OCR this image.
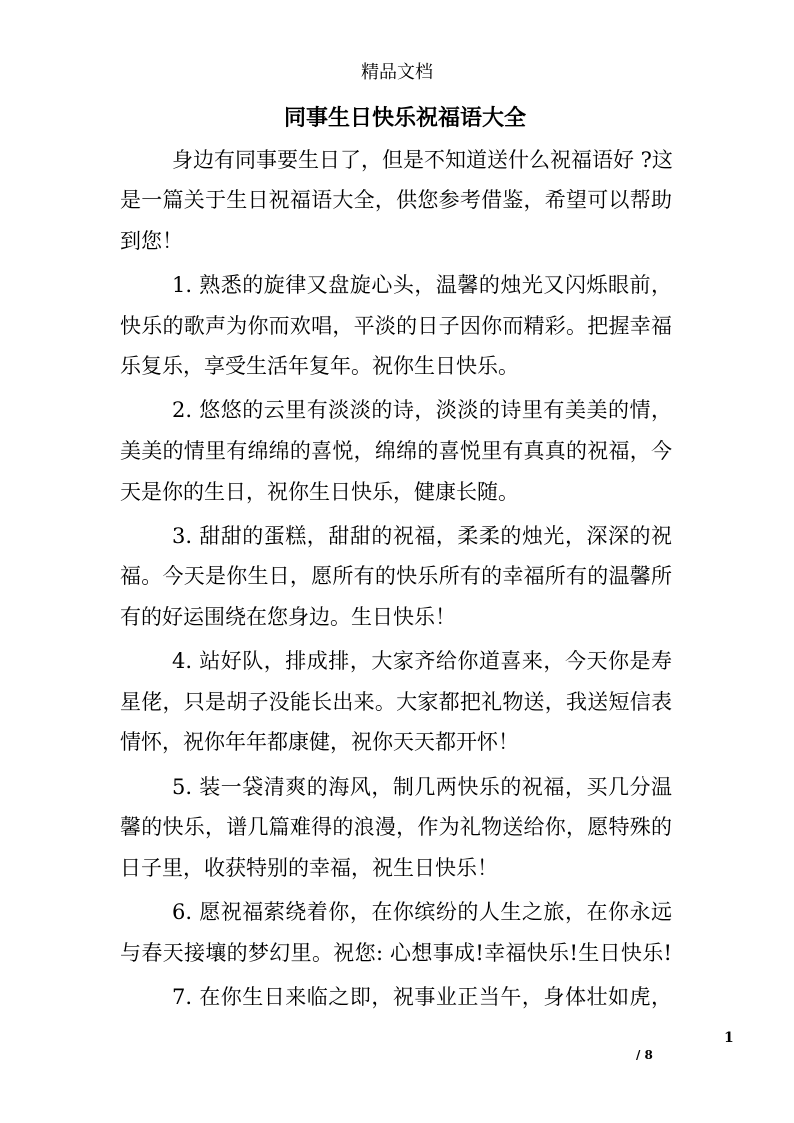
精品文档
同事生日快乐祝福语大全
身边有同事要生日了，但是不知道送什么祝福语好 ?这
是一篇关于生日祝福语大全，供您参考借鉴，希望可以帮助
到您！
1. 熟悉的旋律又盘旋心头，温馨的烛光又闪烁眼前，
快乐的歌声为你而欢唱，平淡的日子因你而精彩。把握幸福
乐复乐，享受生活年复年。祝你生日快乐。
2. 悠悠的云里有淡淡的诗，淡淡的诗里有美美的情，
美美的情里有绵绵的喜悦，绵绵的喜悦里有真真的祝福，今
天是你的生日，祝你生日快乐，健康长随。
3. 甜甜的蛋糕，甜甜的祝福，柔柔的烛光，深深的祝
福。今天是你生日，愿所有的快乐所有的幸福所有的温馨所
有的好运围绕在您身边。生日快乐！
4. 站好队，排成排，大家齐给你道喜来，今天你是寿
星佬，只是胡子没能长出来。大家都把礼物送，我送短信表
情怀，祝你年年都康健，祝你天天都开怀！
5. 装一袋清爽的海风，制几两快乐的祝福，买几分温
馨的快乐，谱几篇难得的浪漫，作为礼物送给你，愿特殊的
日子里，收获特别的幸福，祝生日快乐！
6. 愿祝福萦绕着你，在你缤纷的人生之旅，在你永远
与春天接壤的梦幻里。祝您: 心想事成!幸福快乐!生日快乐!
7. 在你生日来临之即，祝事业正当午，身体壮如虎，
1
/ 8
